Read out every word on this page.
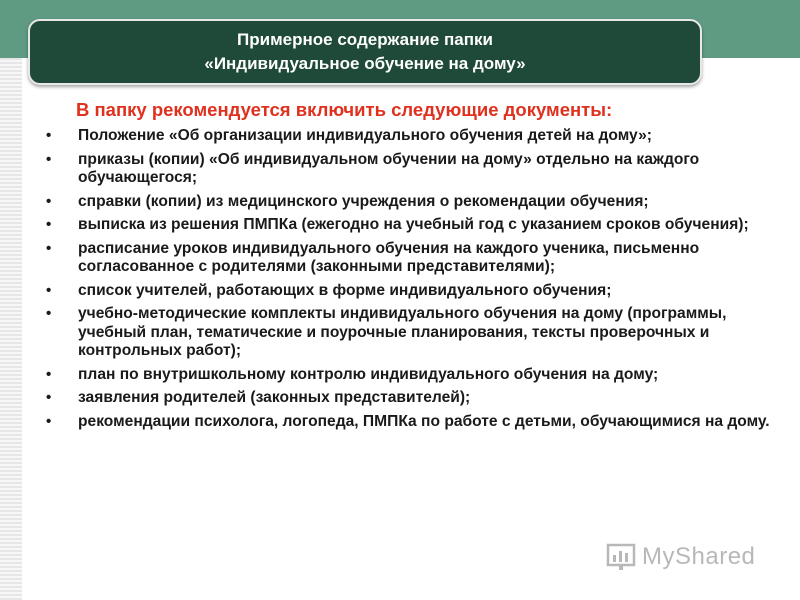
Примерное содержание папки
«Индивидуальное обучение на дому»
В папку рекомендуется включить следующие документы:
• Положение «Об организации индивидуального обучения детей на дому»;
• приказы (копии) «Об индивидуальном обучении на дому» отдельно на каждого обучающегося;
• справки (копии) из медицинского учреждения о рекомендации обучения;
• выписка из решения ПМПКа (ежегодно на учебный год с указанием сроков обучения);
• расписание уроков индивидуального обучения на каждого ученика, письменно согласованное с родителями (законными представителями);
• список учителей, работающих в форме индивидуального обучения;
• учебно-методические комплекты индивидуального обучения на дому (программы, учебный план, тематические и поурочные планирования, тексты проверочных и контрольных работ);
• план по внутришкольному контролю индивидуального обучения на дому;
• заявления родителей (законных представителей);
• рекомендации психолога, логопеда, ПМПКа по работе с детьми, обучающимися на дому.
MyShared
